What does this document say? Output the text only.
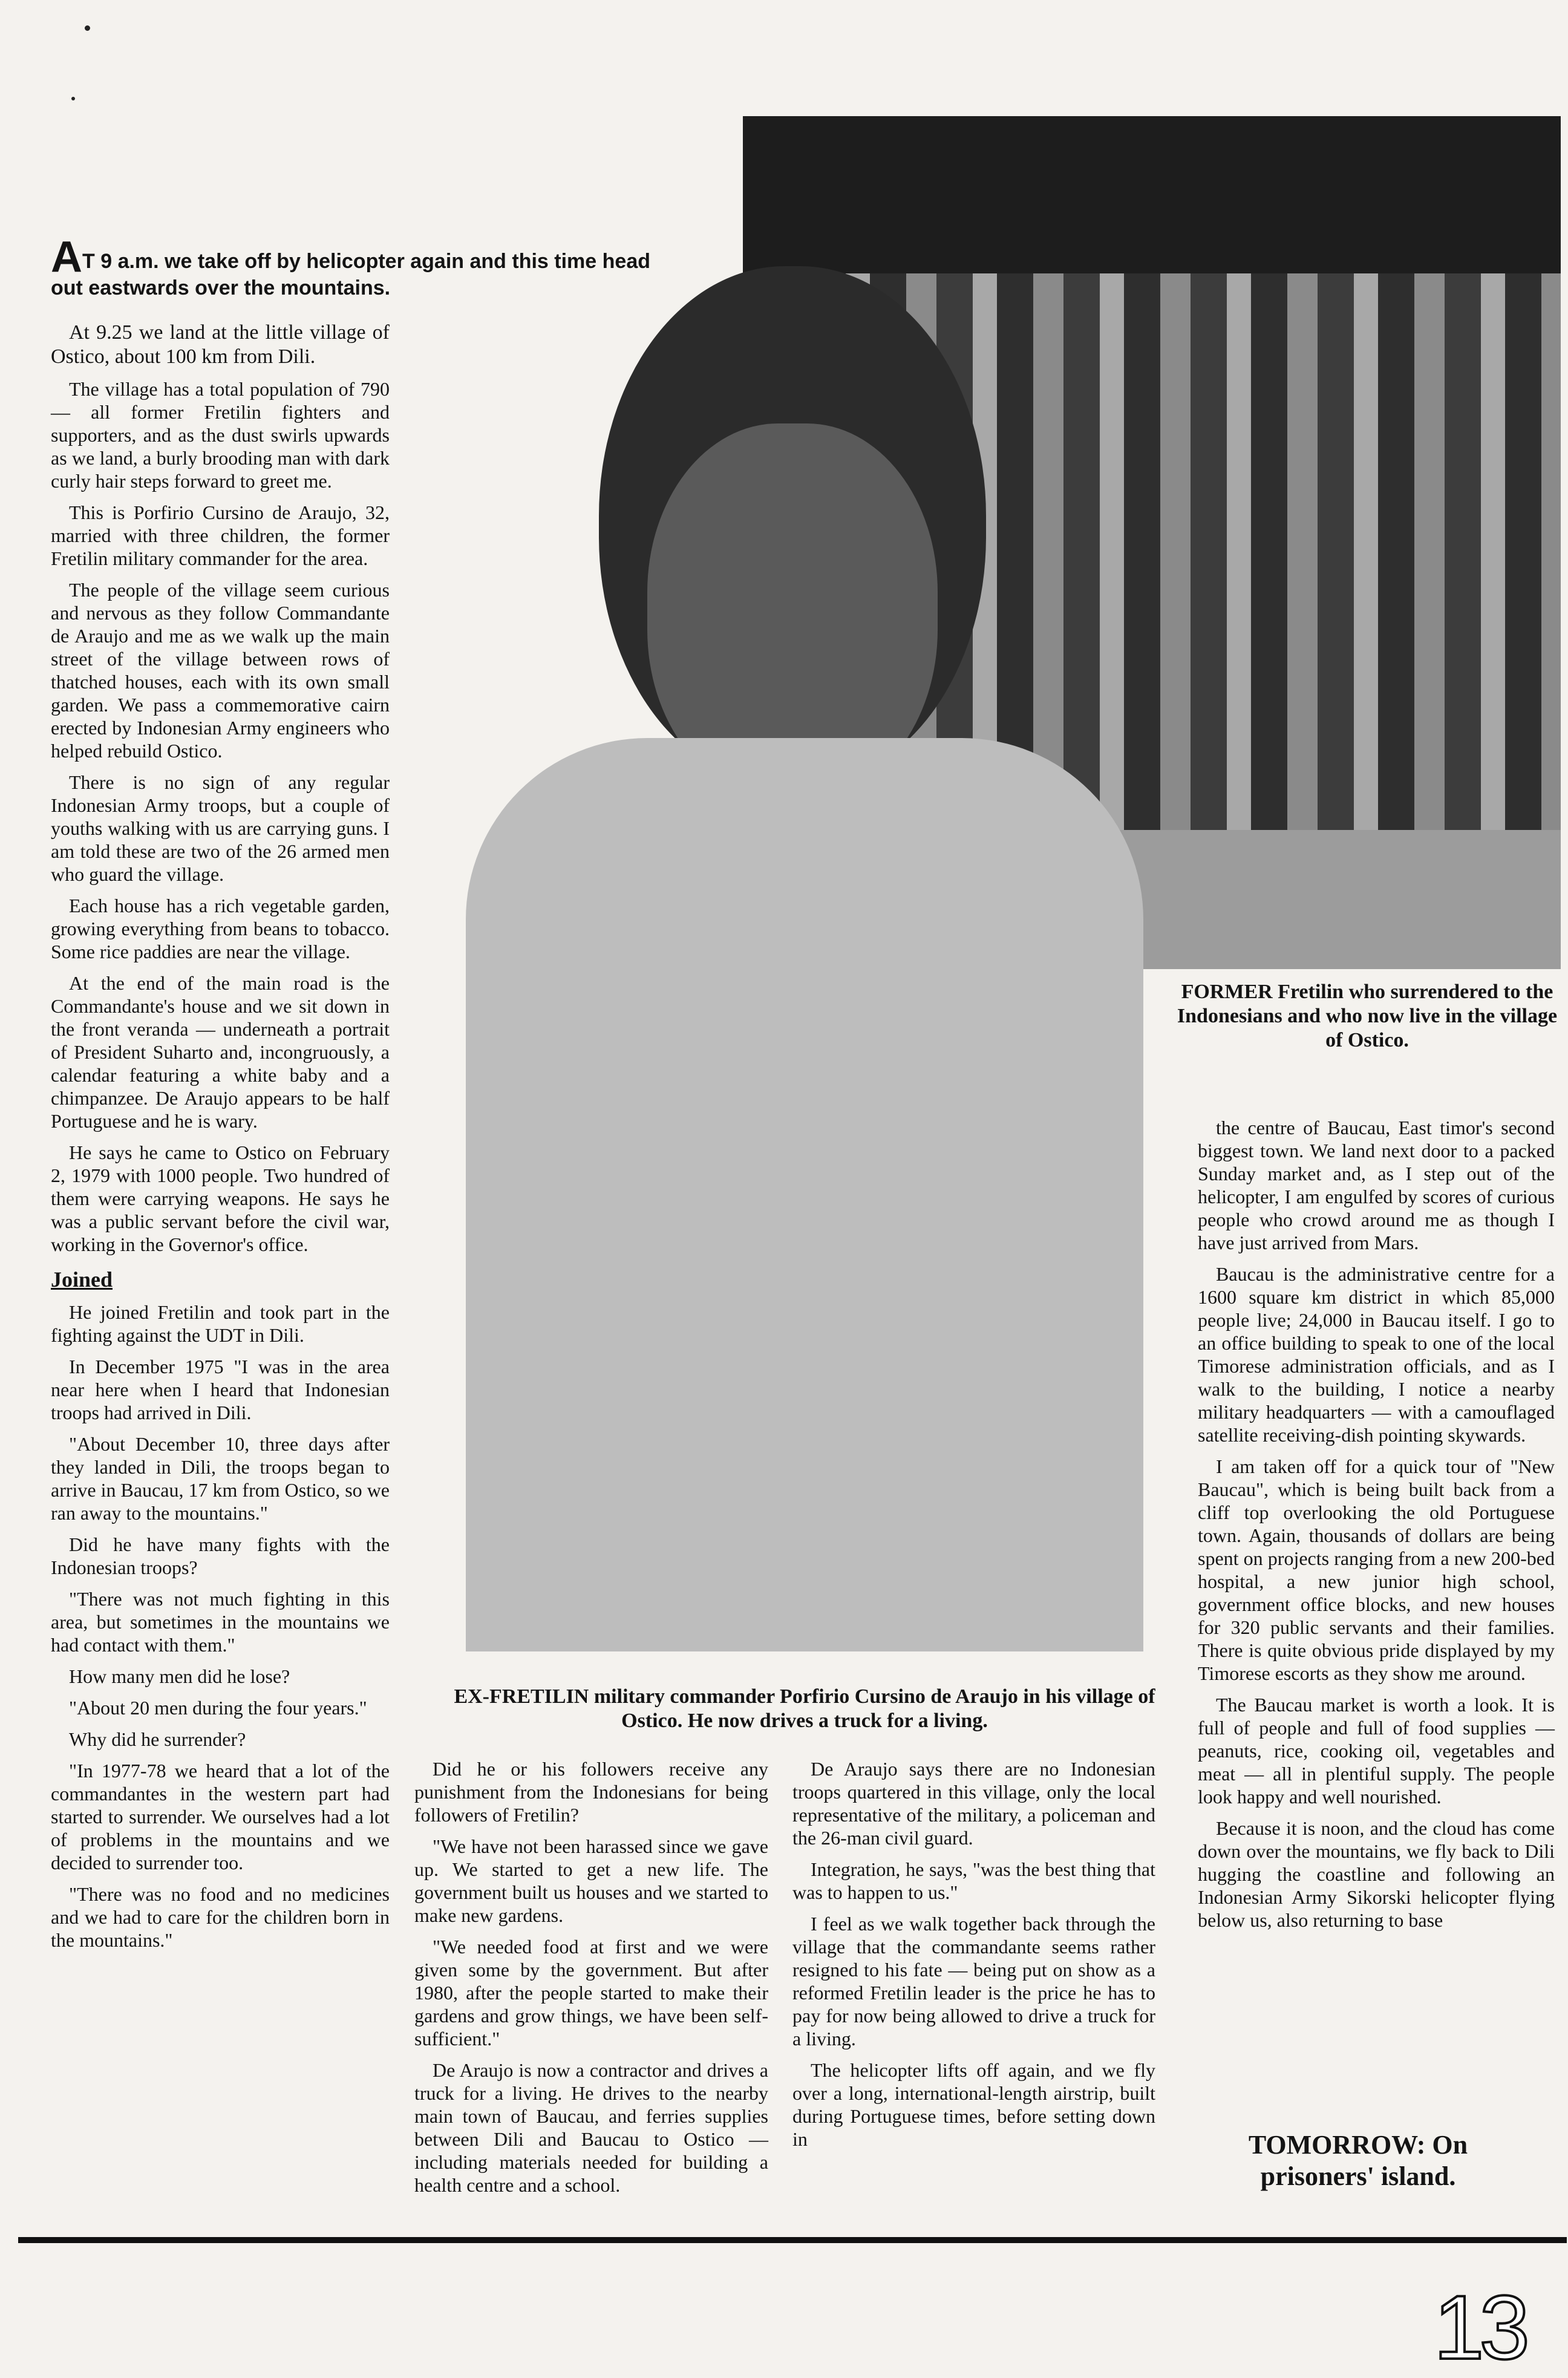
AT 9 a.m. we take off by helicopter again and this time head out eastwards over the mountains.

At 9.25 we land at the little village of Ostico, about 100 km from Dili.

The village has a total population of 790 — all former Fretilin fighters and supporters, and as the dust swirls upwards as we land, a burly brooding man with dark curly hair steps forward to greet me.

This is Porfirio Cursino de Araujo, 32, married with three children, the former Fretilin military commander for the area.

The people of the village seem curious and nervous as they follow Commandante de Araujo and me as we walk up the main street of the village between rows of thatched houses, each with its own small garden. We pass a commemorative cairn erected by Indonesian Army engineers who helped rebuild Ostico.

There is no sign of any regular Indonesian Army troops, but a couple of youths walking with us are carrying guns. I am told these are two of the 26 armed men who guard the village.

Each house has a rich vegetable garden, growing everything from beans to tobacco. Some rice paddies are near the village.

At the end of the main road is the Commandante's house and we sit down in the front veranda — underneath a portrait of President Suharto and, incongruously, a calendar featuring a white baby and a chimpanzee. De Araujo appears to be half Portuguese and he is wary.

He says he came to Ostico on February 2, 1979 with 1000 people. Two hundred of them were carrying weapons. He says he was a public servant before the civil war, working in the Governor's office.

Joined

He joined Fretilin and took part in the fighting against the UDT in Dili.

In December 1975 "I was in the area near here when I heard that Indonesian troops had arrived in Dili.

"About December 10, three days after they landed in Dili, the troops began to arrive in Baucau, 17 km from Ostico, so we ran away to the mountains."

Did he have many fights with the Indonesian troops?

"There was not much fighting in this area, but sometimes in the mountains we had contact with them."

How many men did he lose?

"About 20 men during the four years."

Why did he surrender?

"In 1977-78 we heard that a lot of the commandantes in the western part had started to surrender. We ourselves had a lot of problems in the mountains and we decided to surrender too.

"There was no food and no medicines and we had to care for the children born in the mountains."

FORMER Fretilin who surrendered to the Indonesians and who now live in the village of Ostico.
EX-FRETILIN military commander Porfirio Cursino de Araujo in his village of Ostico. He now drives a truck for a living.

Did he or his followers receive any punishment from the Indonesians for being followers of Fretilin?

"We have not been harassed since we gave up. We started to get a new life. The government built us houses and we started to make new gardens.

"We needed food at first and we were given some by the government. But after 1980, after the people started to make their gardens and grow things, we have been self-sufficient."

De Araujo is now a contractor and drives a truck for a living. He drives to the nearby main town of Baucau, and ferries supplies between Dili and Baucau to Ostico — including materials needed for building a health centre and a school.

De Araujo says there are no Indonesian troops quartered in this village, only the local representative of the military, a policeman and the 26-man civil guard.

Integration, he says, "was the best thing that was to happen to us."

I feel as we walk together back through the village that the commandante seems rather resigned to his fate — being put on show as a reformed Fretilin leader is the price he has to pay for now being allowed to drive a truck for a living.

The helicopter lifts off again, and we fly over a long, international-length airstrip, built during Portuguese times, before setting down in

the centre of Baucau, East timor's second biggest town. We land next door to a packed Sunday market and, as I step out of the helicopter, I am engulfed by scores of curious people who crowd around me as though I have just arrived from Mars.

Baucau is the administrative centre for a 1600 square km district in which 85,000 people live; 24,000 in Baucau itself. I go to an office building to speak to one of the local Timorese administration officials, and as I walk to the building, I notice a nearby military headquarters — with a camouflaged satellite receiving-dish pointing skywards.

I am taken off for a quick tour of "New Baucau", which is being built back from a cliff top overlooking the old Portuguese town. Again, thousands of dollars are being spent on projects ranging from a new 200-bed hospital, a new junior high school, government office blocks, and new houses for 320 public servants and their families. There is quite obvious pride displayed by my Timorese escorts as they show me around.

The Baucau market is worth a look. It is full of people and full of food supplies — peanuts, rice, cooking oil, vegetables and meat — all in plentiful supply. The people look happy and well nourished.

Because it is noon, and the cloud has come down over the mountains, we fly back to Dili hugging the coastline and following an Indonesian Army Sikorski helicopter flying below us, also returning to base

TOMORROW: On prisoners' island.
13
